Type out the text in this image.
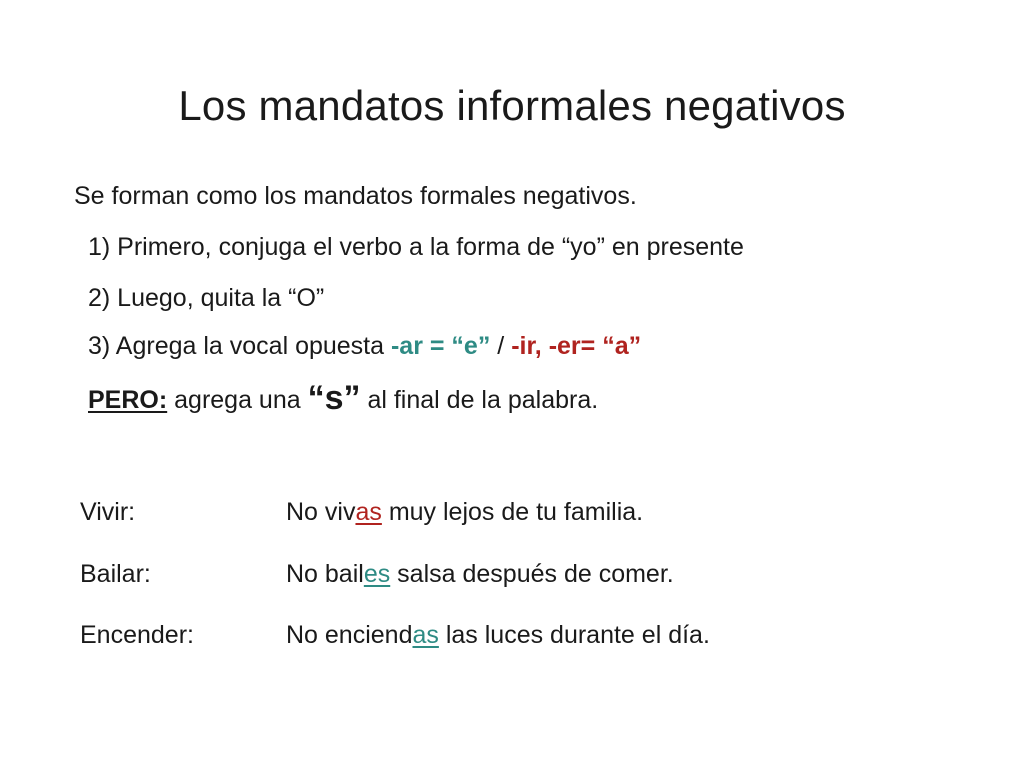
Los mandatos informales negativos
Se forman como los mandatos formales negativos.
1) Primero, conjuga el verbo a la forma de “yo” en presente
2) Luego, quita la “O”
3) Agrega la vocal opuesta -ar = “e” / -ir, -er= “a”
PERO: agrega una “s” al final de la palabra.
Vivir:	No vivas muy lejos de tu familia.
Bailar:	No bailes salsa después de comer.
Encender:	No enciendas las luces durante el día.
